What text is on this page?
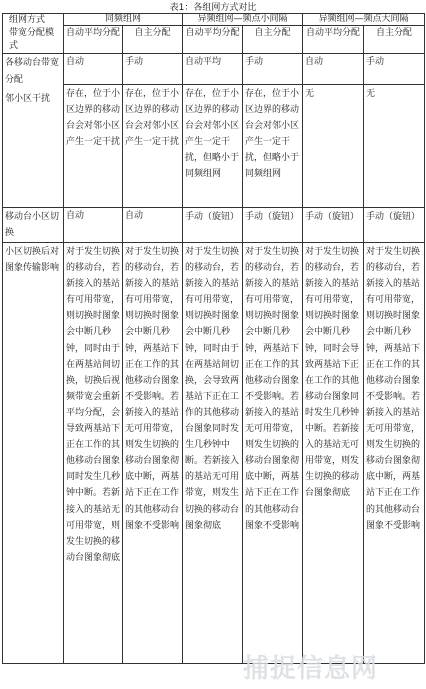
表1：各组网方式对比
组网方式
带宽分配模式	同频组网		异频组网—频点小间隔		异频组网—频点大间隔	
	自动平均分配	自主分配	自动平均分配	自主分配	自动平均分配	自主分配

各移动台带宽分配
邻小区干扰	自动	手动	自动平均	手动	自动	手动
	存在，位于小区边界的移动台会对邻小区产生一定干扰	存在，位于小区边界的移动台会对邻小区产生一定干扰	存在，位于小区边界的移动台会对邻小区产生一定干扰，但略小于同频组网	存在，位于小区边界的移动台会对邻小区产生一定干扰，但略小于同频组网	无	无
移动台小区切换	自动	自动	手动（旋钮）	手动（旋钮）	手动（旋钮）	手动（旋钮）
小区切换后对图象传输影响	对于发生切换的移动台，若新接入的基站有可用带宽，则切换时图象会中断几秒钟，同时由于在两基站间切换，切换后视频带宽会重新平均分配，会导致两基站下正在工作的其他移动台图象同时发生几秒钟中断。若新接入的基站无可用带宽，则发生切换的移动台图象彻底	对于发生切换的移动台，若新接入的基站有可用带宽，则切换时图象会中断几秒钟，两基站下正在工作的其他移动台图象不受影响。若新接入的基站无可用带宽，则发生切换的移动台图象彻底中断，两基站下正在工作的其他移动台图象不受影响	对于发生切换的移动台，若新接入的基站有可用带宽，则切换时图象会中断几秒钟，同时由于在两基站间切换，会导致两基站下正在工作的其他移动台图象同时发生几秒钟中断。若新接入的基站无可用带宽，则发生切换的移动台图象彻底	对于发生切换的移动台，若新接入的基站有可用带宽，则切换时图象会中断几秒钟，两基站下正在工作的其他移动台图象不受影响。若新接入的基站无可用带宽，则发生切换的移动台图象彻底中断，两基站下正在工作的其他移动台图象不受影响	对于发生切换的移动台，若新接入的基站有可用带宽，则切换时图象会中断几秒钟，同时会导致两基站下正在工作的其他移动台图象同时发生几秒钟中断。若新接入的基站无可用带宽，则发生切换的移动台图象彻底	对于发生切换的移动台，若新接入的基站有可用带宽，则切换时图象会中断几秒钟，两基站下正在工作的其他移动台图象不受影响。若新接入的基站无可用带宽，则发生切换的移动台图象彻底中断，两基站下正在工作的其他移动台图象不受影响
捕捉信息网
